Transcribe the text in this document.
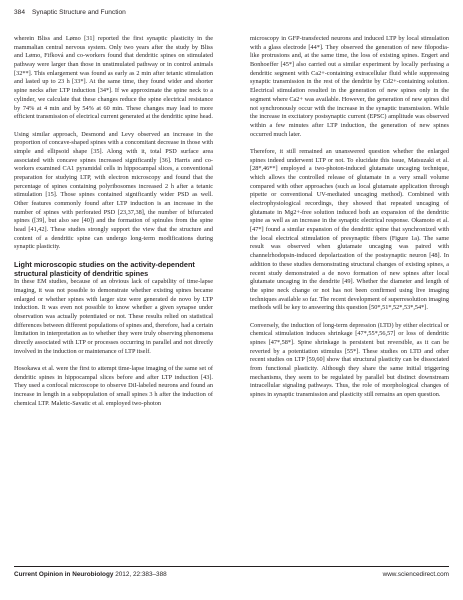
384 Synaptic Structure and Function

wherein Bliss and Lømo [31] reported the first synaptic plasticity in the mammalian central nervous system. Only two years after the study by Bliss and Lømo, Fifková and co-workers found that dendritic spines on stimulated pathway were larger than those in unstimulated pathway or in control animals [32**]. This enlargement was found as early as 2 min after tetanic stimulation and lasted up to 23 h [33*]. At the same time, they found wider and shorter spine necks after LTP induction [34*]. If we approximate the spine neck to a cylinder, we calculate that these changes reduce the spine electrical resistance by 74% at 4 min and by 54% at 60 min. These changes may lead to more efficient transmission of electrical current generated at the dendritic spine head.

Using similar approach, Desmond and Levy observed an increase in the proportion of concave-shaped spines with a concomitant decrease in those with simple and ellipsoid shape [35]. Along with it, total PSD surface area associated with concave spines increased significantly [36]. Harris and co-workers examined CA1 pyramidal cells in hippocampal slices, a conventional preparation for studying LTP, with electron microscopy and found that the percentage of spines containing polyribosomes increased 2 h after a tetanic stimulation [15]. Those spines contained significantly wider PSD as well. Other features commonly found after LTP induction is an increase in the number of spines with perforated PSD [23,37,38], the number of bifurcated spines ([39], but also see [40]) and the formation of spinules from the spine head [41,42]. These studies strongly support the view that the structure and content of a dendritic spine can undergo long-term modifications during synaptic plasticity.

Light microscopic studies on the activity-dependent structural plasticity of dendritic spines

In these EM studies, because of an obvious lack of capability of time-lapse imaging, it was not possible to demonstrate whether existing spines became enlarged or whether spines with larger size were generated de novo by LTP induction. It was even not possible to know whether a given synapse under observation was actually potentiated or not. These results relied on statistical differences between different populations of spines and, therefore, had a certain limitation in interpretation as to whether they were truly observing phenomena directly associated with LTP or processes occurring in parallel and not directly involved in the induction or maintenance of LTP itself.

Hosokawa et al. were the first to attempt time-lapse imaging of the same set of dendritic spines in hippocampal slices before and after LTP induction [43]. They used a confocal microscope to observe DiI-labeled neurons and found an increase in length in a subpopulation of small spines 3 h after the induction of chemical LTP. Maletic-Savatic et al. employed two-photon

microscopy in GFP-transfected neurons and induced LTP by local stimulation with a glass electrode [44*]. They observed the generation of new filopodia-like protrusions and, at the same time, the loss of existing spines. Engert and Bonhoeffer [45*] also carried out a similar experiment by locally perfusing a dendritic segment with Ca2+-containing extracellular fluid while suppressing synaptic transmission in the rest of the dendrite by Cd2+-containing solution. Electrical stimulation resulted in the generation of new spines only in the segment where Ca2+ was available. However, the generation of new spines did not synchronously occur with the increase in the synaptic transmission. While the increase in excitatory postsynaptic current (EPSC) amplitude was observed within a few minutes after LTP induction, the generation of new spines occurred much later.

Therefore, it still remained an unanswered question whether the enlarged spines indeed underwent LTP or not. To elucidate this issue, Matsuzaki et al. [28*,46**] employed a two-photon-induced glutamate uncaging technique, which allows the controlled release of glutamate in a very small volume compared with other approaches (such as local glutamate application through pipette or conventional UV-mediated uncaging method). Combined with electrophysiological recordings, they showed that repeated uncaging of glutamate in Mg2+-free solution induced both an expansion of the dendritic spine as well as an increase in the synaptic electrical response. Okamoto et al. [47*] found a similar expansion of the dendritic spine that synchronized with the local electrical stimulation of presynaptic fibers (Figure 1a). The same result was observed when glutamate uncaging was paired with channelrhodopsin-induced depolarization of the postsynaptic neuron [48]. In addition to these studies demonstrating structural changes of existing spines, a recent study demonstrated a de novo formation of new spines after local glutamate uncaging in the dendrite [49]. Whether the diameter and length of the spine neck change or not has not been confirmed using live imaging techniques available so far. The recent development of superresolution imaging methods will be key to answering this question [50*,51*,52*,53*,54*].

Conversely, the induction of long-term depression (LTD) by either electrical or chemical stimulation induces shrinkage [47*,55*,56,57] or loss of dendritic spines [47*,58*]. Spine shrinkage is persistent but reversible, as it can be reverted by a potentiation stimulus [55*]. These studies on LTD and other recent studies on LTP [59,60] show that structural plasticity can be dissociated from functional plasticity. Although they share the same initial triggering mechanisms, they seem to be regulated by parallel but distinct downstream intracellular signaling pathways. Thus, the role of morphological changes of spines in synaptic transmission and plasticity still remains an open question.

Current Opinion in Neurobiology 2012, 22:383–388	www.sciencedirect.com
